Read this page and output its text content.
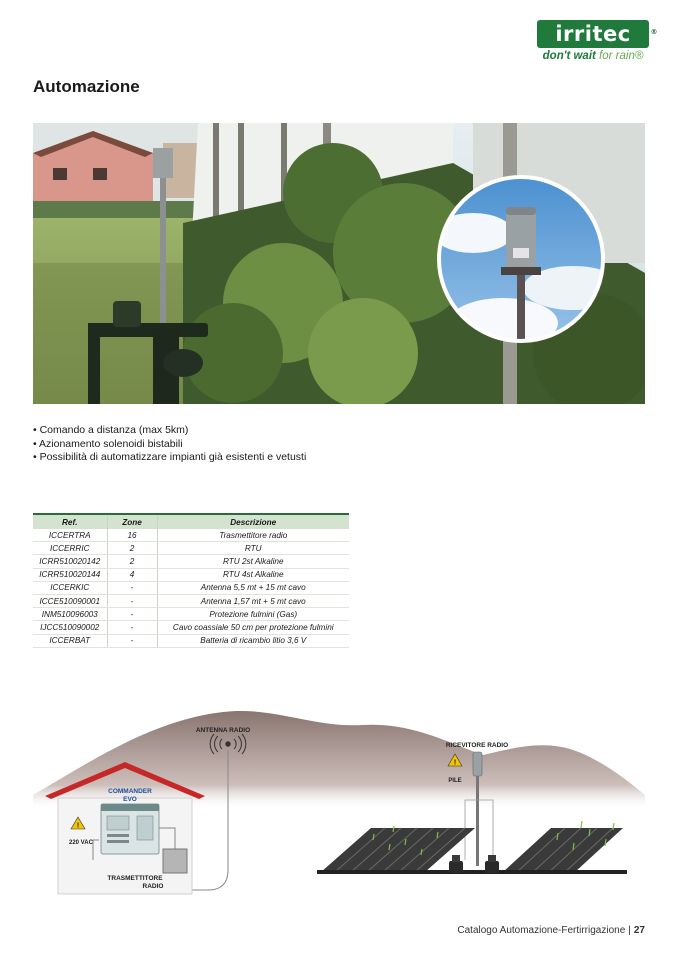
irritec	®
don't wait for rain®
Automazione
• Comando a distanza (max 5km)
• Azionamento solenoidi bistabili
• Possibilità di automatizzare impianti già esistenti e vetusti
Ref.	Zone	Descrizione
ICCERTRA	16	Trasmettitore radio
ICCERRIC	2	RTU
ICRR510020142	2	RTU 2st Alkaline
ICRR510020144	4	RTU 4st Alkaline
ICCERKIC	-	Antenna 5,5 mt + 15 mt cavo
ICCE510090001	-	Antenna 1,57 mt + 5 mt cavo
INM510096003	-	Protezione fulmini (Gas)
IJCC510090002	-	Cavo coassiale 50 cm per protezione fulmini
ICCERBAT	-	Batteria di ricambio litio 3,6 V
ANTENNA RADIO
COMMANDER
EVO
!
220 VAC
TRASMETTITORE
RADIO
RICEVITORE RADIO
!
PILE
Catalogo Automazione-Fertirrigazione | 27
